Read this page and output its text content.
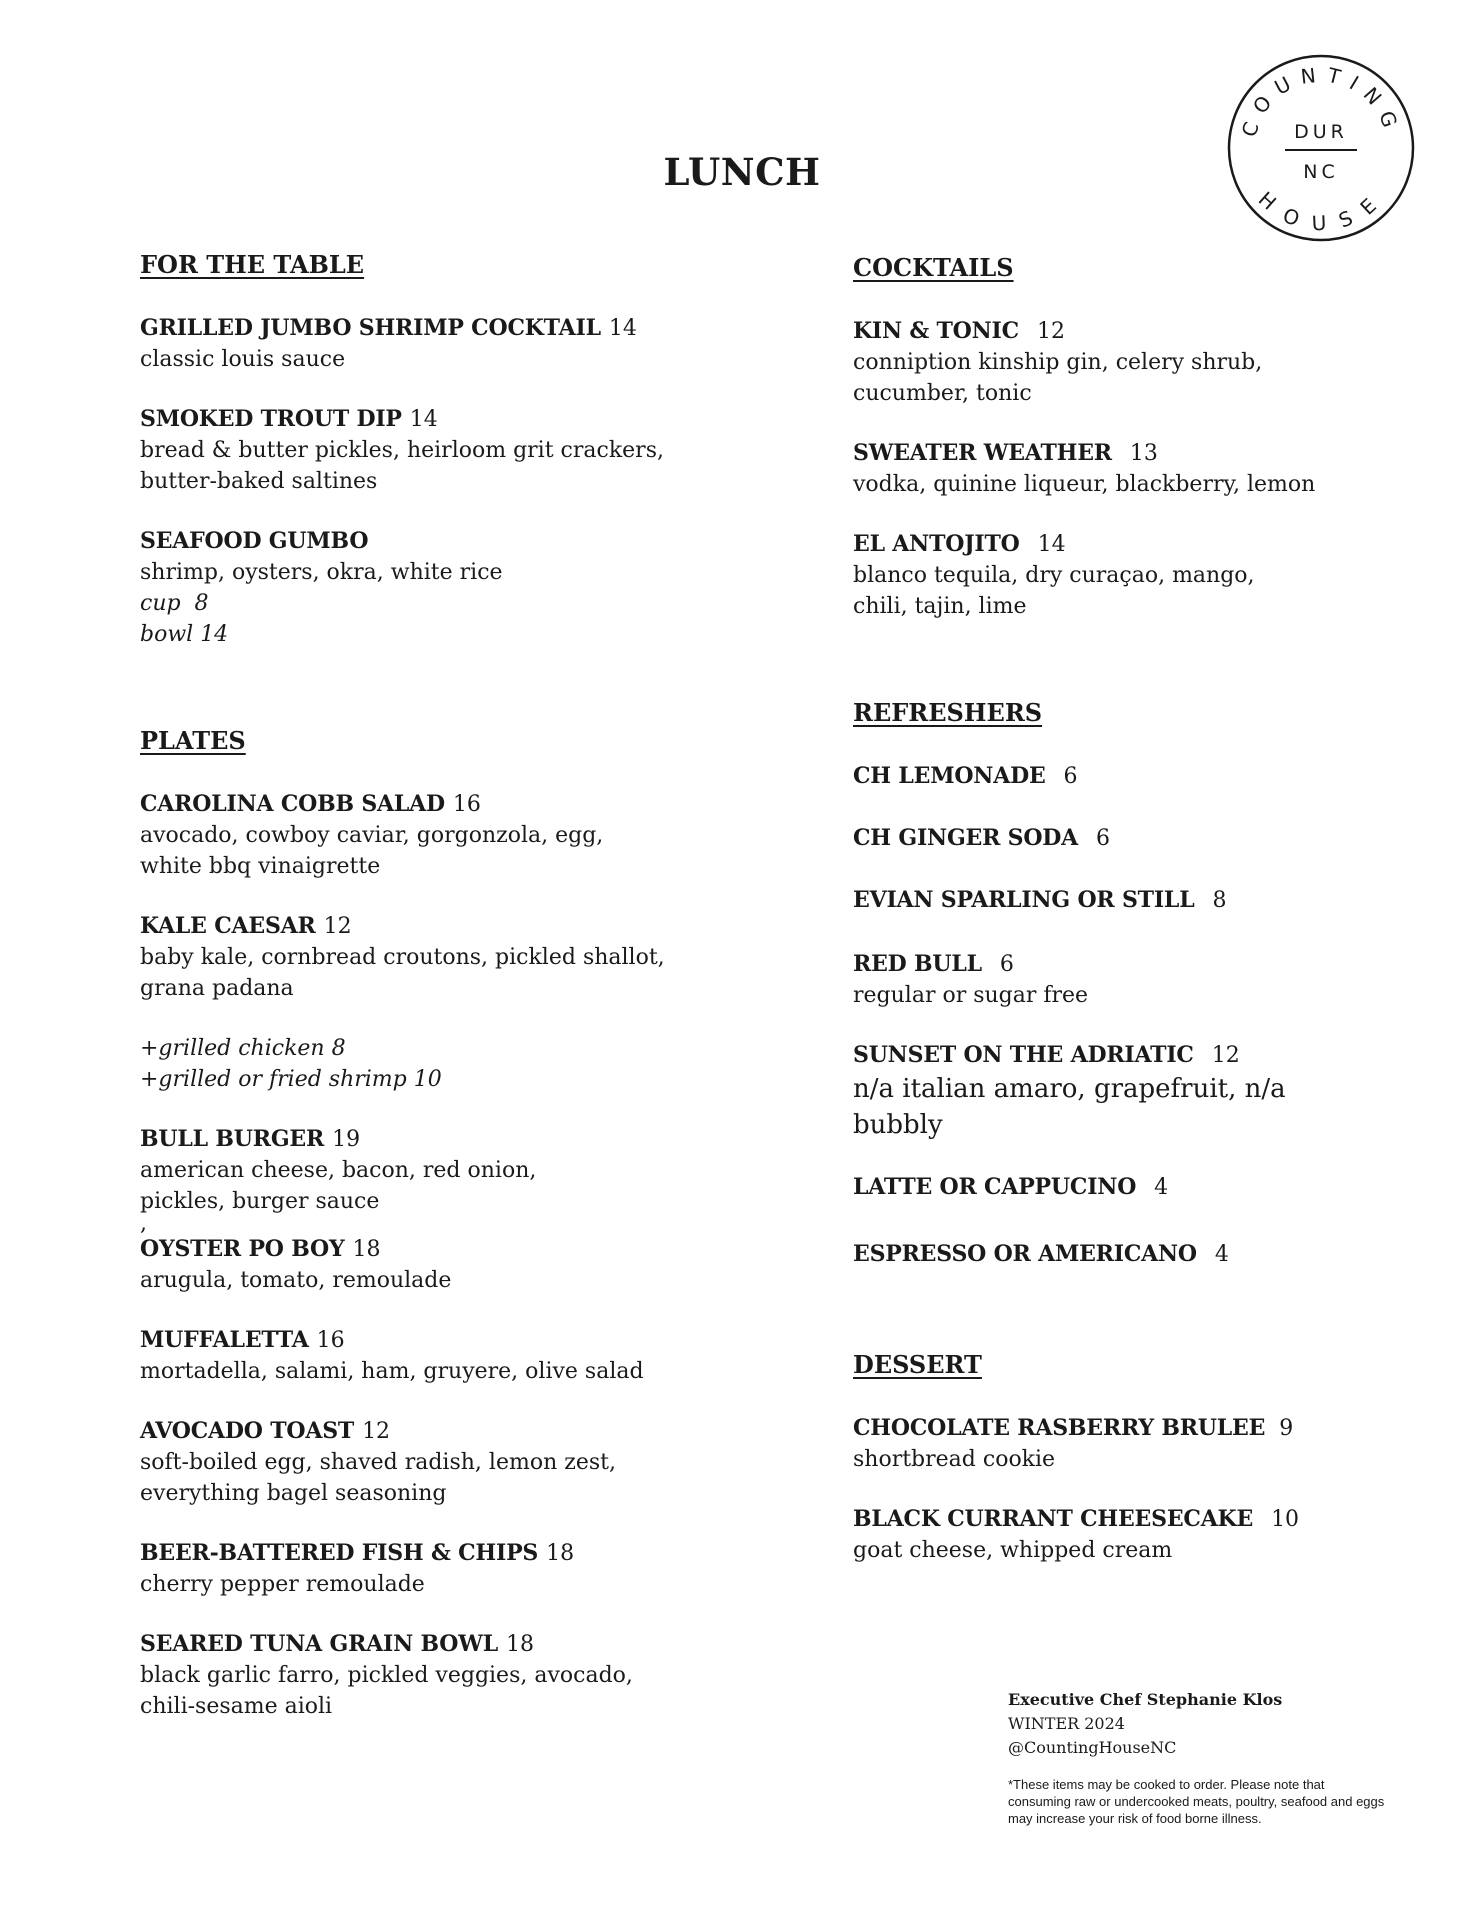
LUNCH
COUNTING
HOUSE
DUR
NC
FOR THE TABLE
GRILLED JUMBO SHRIMP COCKTAIL 14

classic louis sauce

SMOKED TROUT DIP 14

bread & butter pickles, heirloom grit crackers,

butter-baked saltines

SEAFOOD GUMBO

shrimp, oysters, okra, white rice

cup  8

bowl 14

PLATES
CAROLINA COBB SALAD 16

avocado, cowboy caviar, gorgonzola, egg,

white bbq vinaigrette

KALE CAESAR 12

baby kale, cornbread croutons, pickled shallot,

grana padana

+grilled chicken 8

+grilled or fried shrimp 10

BULL BURGER 19

american cheese, bacon, red onion,

pickles, burger sauce

,

OYSTER PO BOY 18

arugula, tomato, remoulade

MUFFALETTA 16

mortadella, salami, ham, gruyere, olive salad

AVOCADO TOAST 12

soft-boiled egg, shaved radish, lemon zest,

everything bagel seasoning

BEER-BATTERED FISH & CHIPS 18

cherry pepper remoulade

SEARED TUNA GRAIN BOWL 18

black garlic farro, pickled veggies, avocado,

chili-sesame aioli

COCKTAILS
KIN & TONIC 12

conniption kinship gin, celery shrub,

cucumber, tonic

SWEATER WEATHER 13

vodka, quinine liqueur, blackberry, lemon

EL ANTOJITO 14

blanco tequila, dry curaçao, mango,

chili, tajin, lime

REFRESHERS
CH LEMONADE 6
CH GINGER SODA 6
EVIAN SPARLING OR STILL 8
RED BULL 6

regular or sugar free

SUNSET ON THE ADRIATIC 12

n/a italian amaro, grapefruit, n/a

bubbly

LATTE OR CAPPUCINO 4
ESPRESSO OR AMERICANO 4
DESSERT
CHOCOLATE RASBERRY BRULEE 9

shortbread cookie

BLACK CURRANT CHEESECAKE 10

goat cheese, whipped cream

Executive Chef Stephanie Klos

WINTER 2024

@CountingHouseNC

*These items may be cooked to order. Please note that consuming raw or undercooked meats, poultry, seafood and eggs may increase your risk of food borne illness.
